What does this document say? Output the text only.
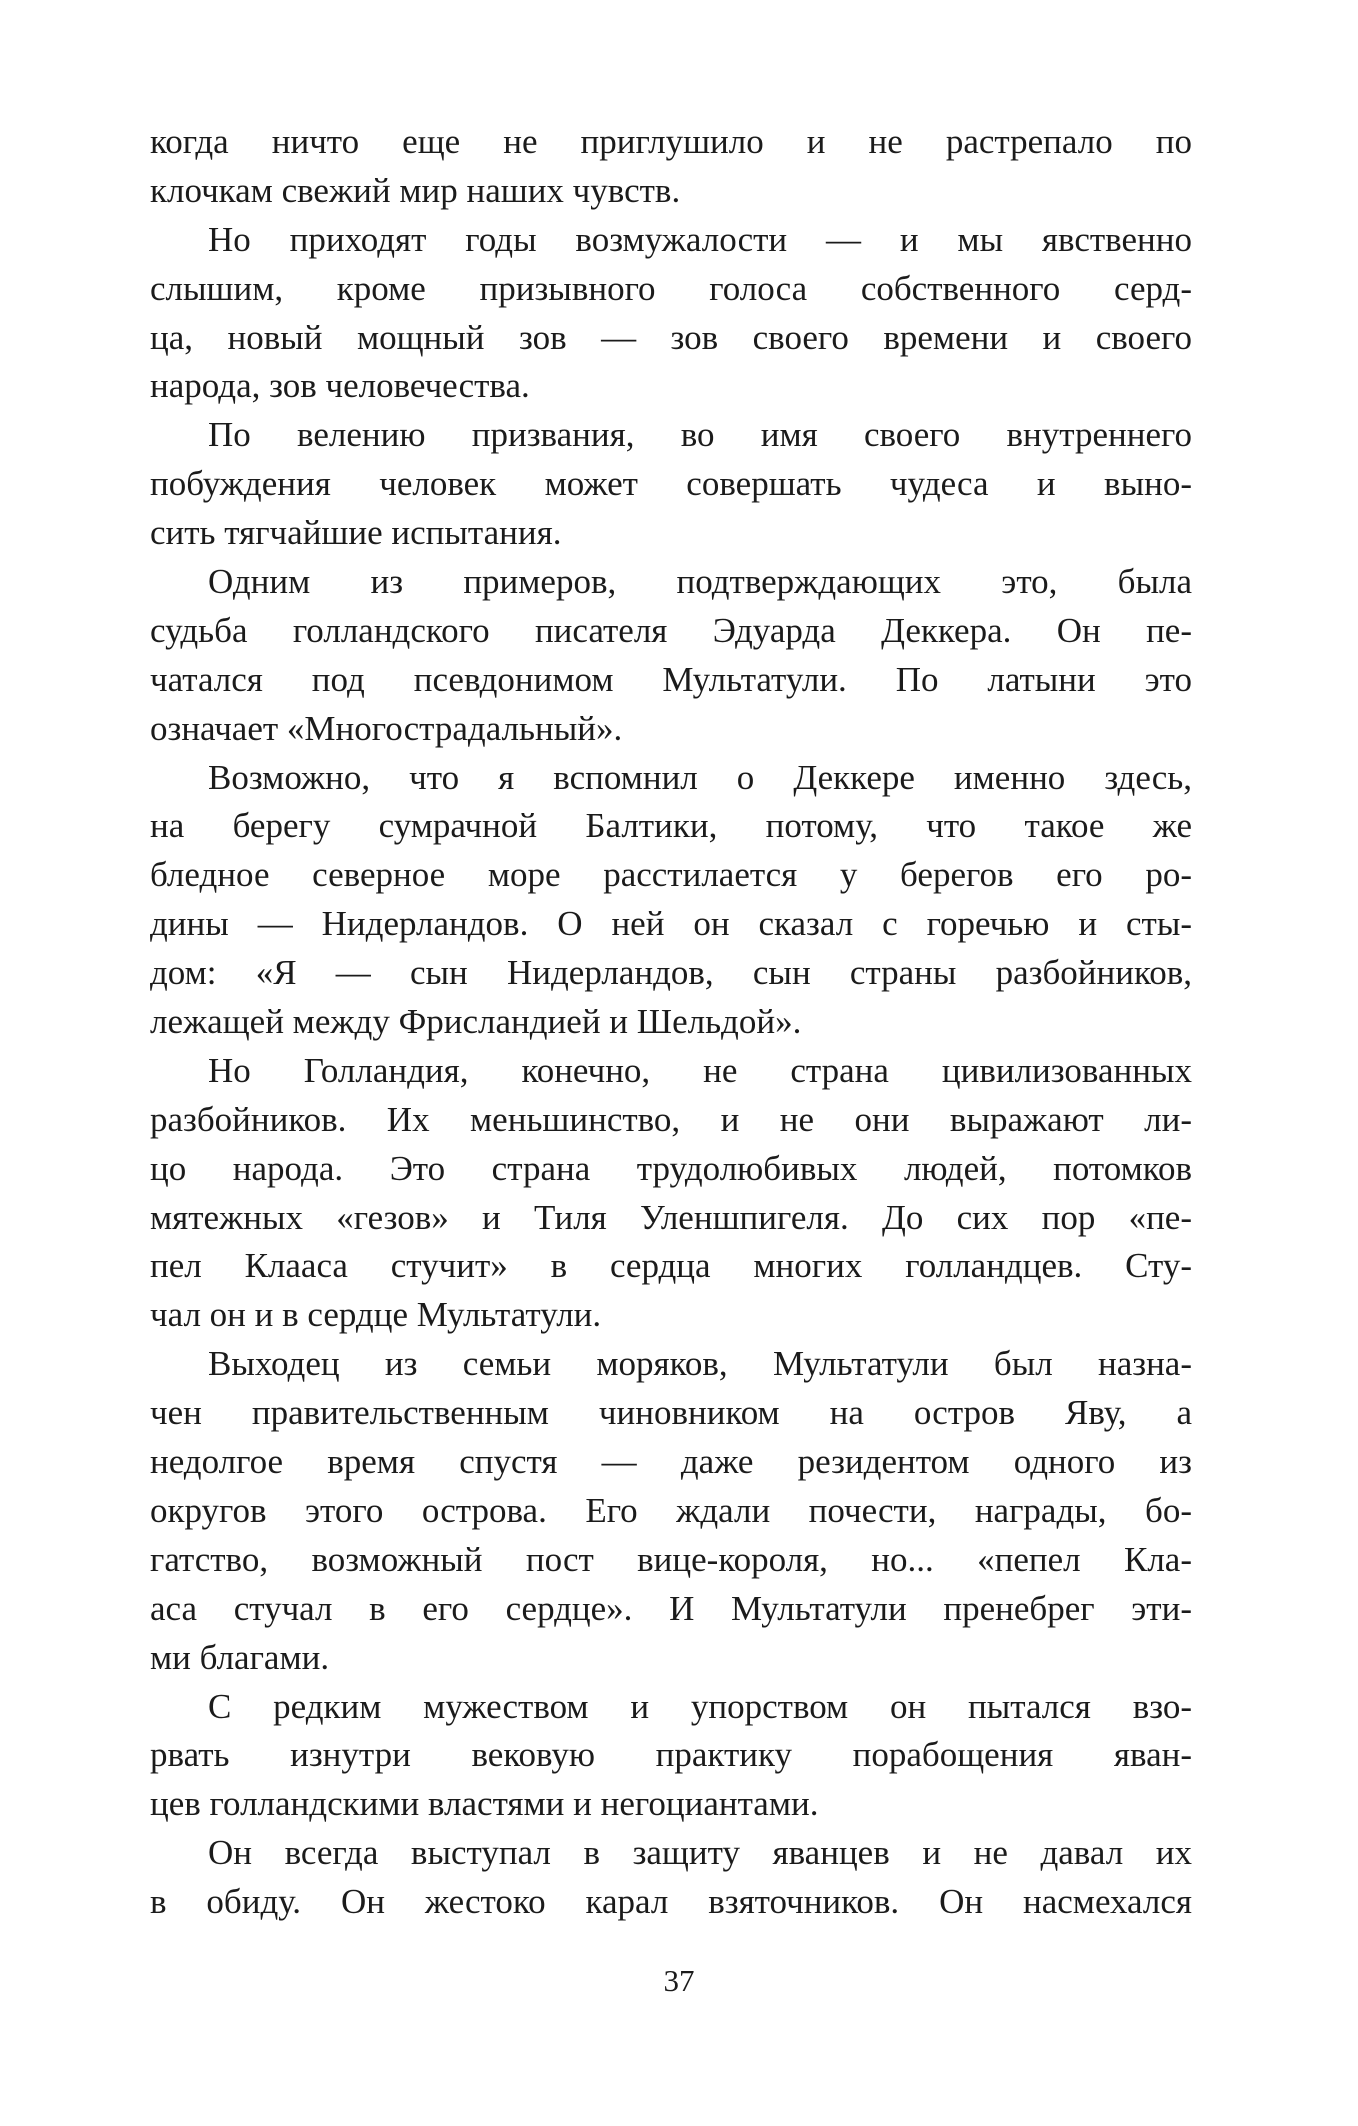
когда ничто еще не приглушило и не растрепало по
клочкам свежий мир наших чувств.
Но приходят годы возмужалости — и мы явственно
слышим, кроме призывного голоса собственного серд-
ца, новый мощный зов — зов своего времени и своего
народа, зов человечества.
По велению призвания, во имя своего внутреннего
побуждения человек может совершать чудеса и выно-
сить тягчайшие испытания.
Одним из примеров, подтверждающих это, была
судьба голландского писателя Эдуарда Деккера. Он пе-
чатался под псевдонимом Мультатули. По латыни это
означает «Многострадальный».
Возможно, что я вспомнил о Деккере именно здесь,
на берегу сумрачной Балтики, потому, что такое же
бледное северное море расстилается у берегов его ро-
дины — Нидерландов. О ней он сказал с горечью и сты-
дом: «Я — сын Нидерландов, сын страны разбойников,
лежащей между Фрисландией и Шельдой».
Но Голландия, конечно, не страна цивилизованных
разбойников. Их меньшинство, и не они выражают ли-
цо народа. Это страна трудолюбивых людей, потомков
мятежных «гезов» и Тиля Уленшпигеля. До сих пор «пе-
пел Клааса стучит» в сердца многих голландцев. Сту-
чал он и в сердце Мультатули.
Выходец из семьи моряков, Мультатули был назна-
чен правительственным чиновником на остров Яву, а
недолгое время спустя — даже резидентом одного из
округов этого острова. Его ждали почести, награды, бо-
гатство, возможный пост вице-короля, но... «пепел Кла-
аса стучал в его сердце». И Мультатули пренебрег эти-
ми благами.
С редким мужеством и упорством он пытался взо-
рвать изнутри вековую практику порабощения яван-
цев голландскими властями и негоциантами.
Он всегда выступал в защиту яванцев и не давал их
в обиду. Он жестоко карал взяточников. Он насмехался
37
